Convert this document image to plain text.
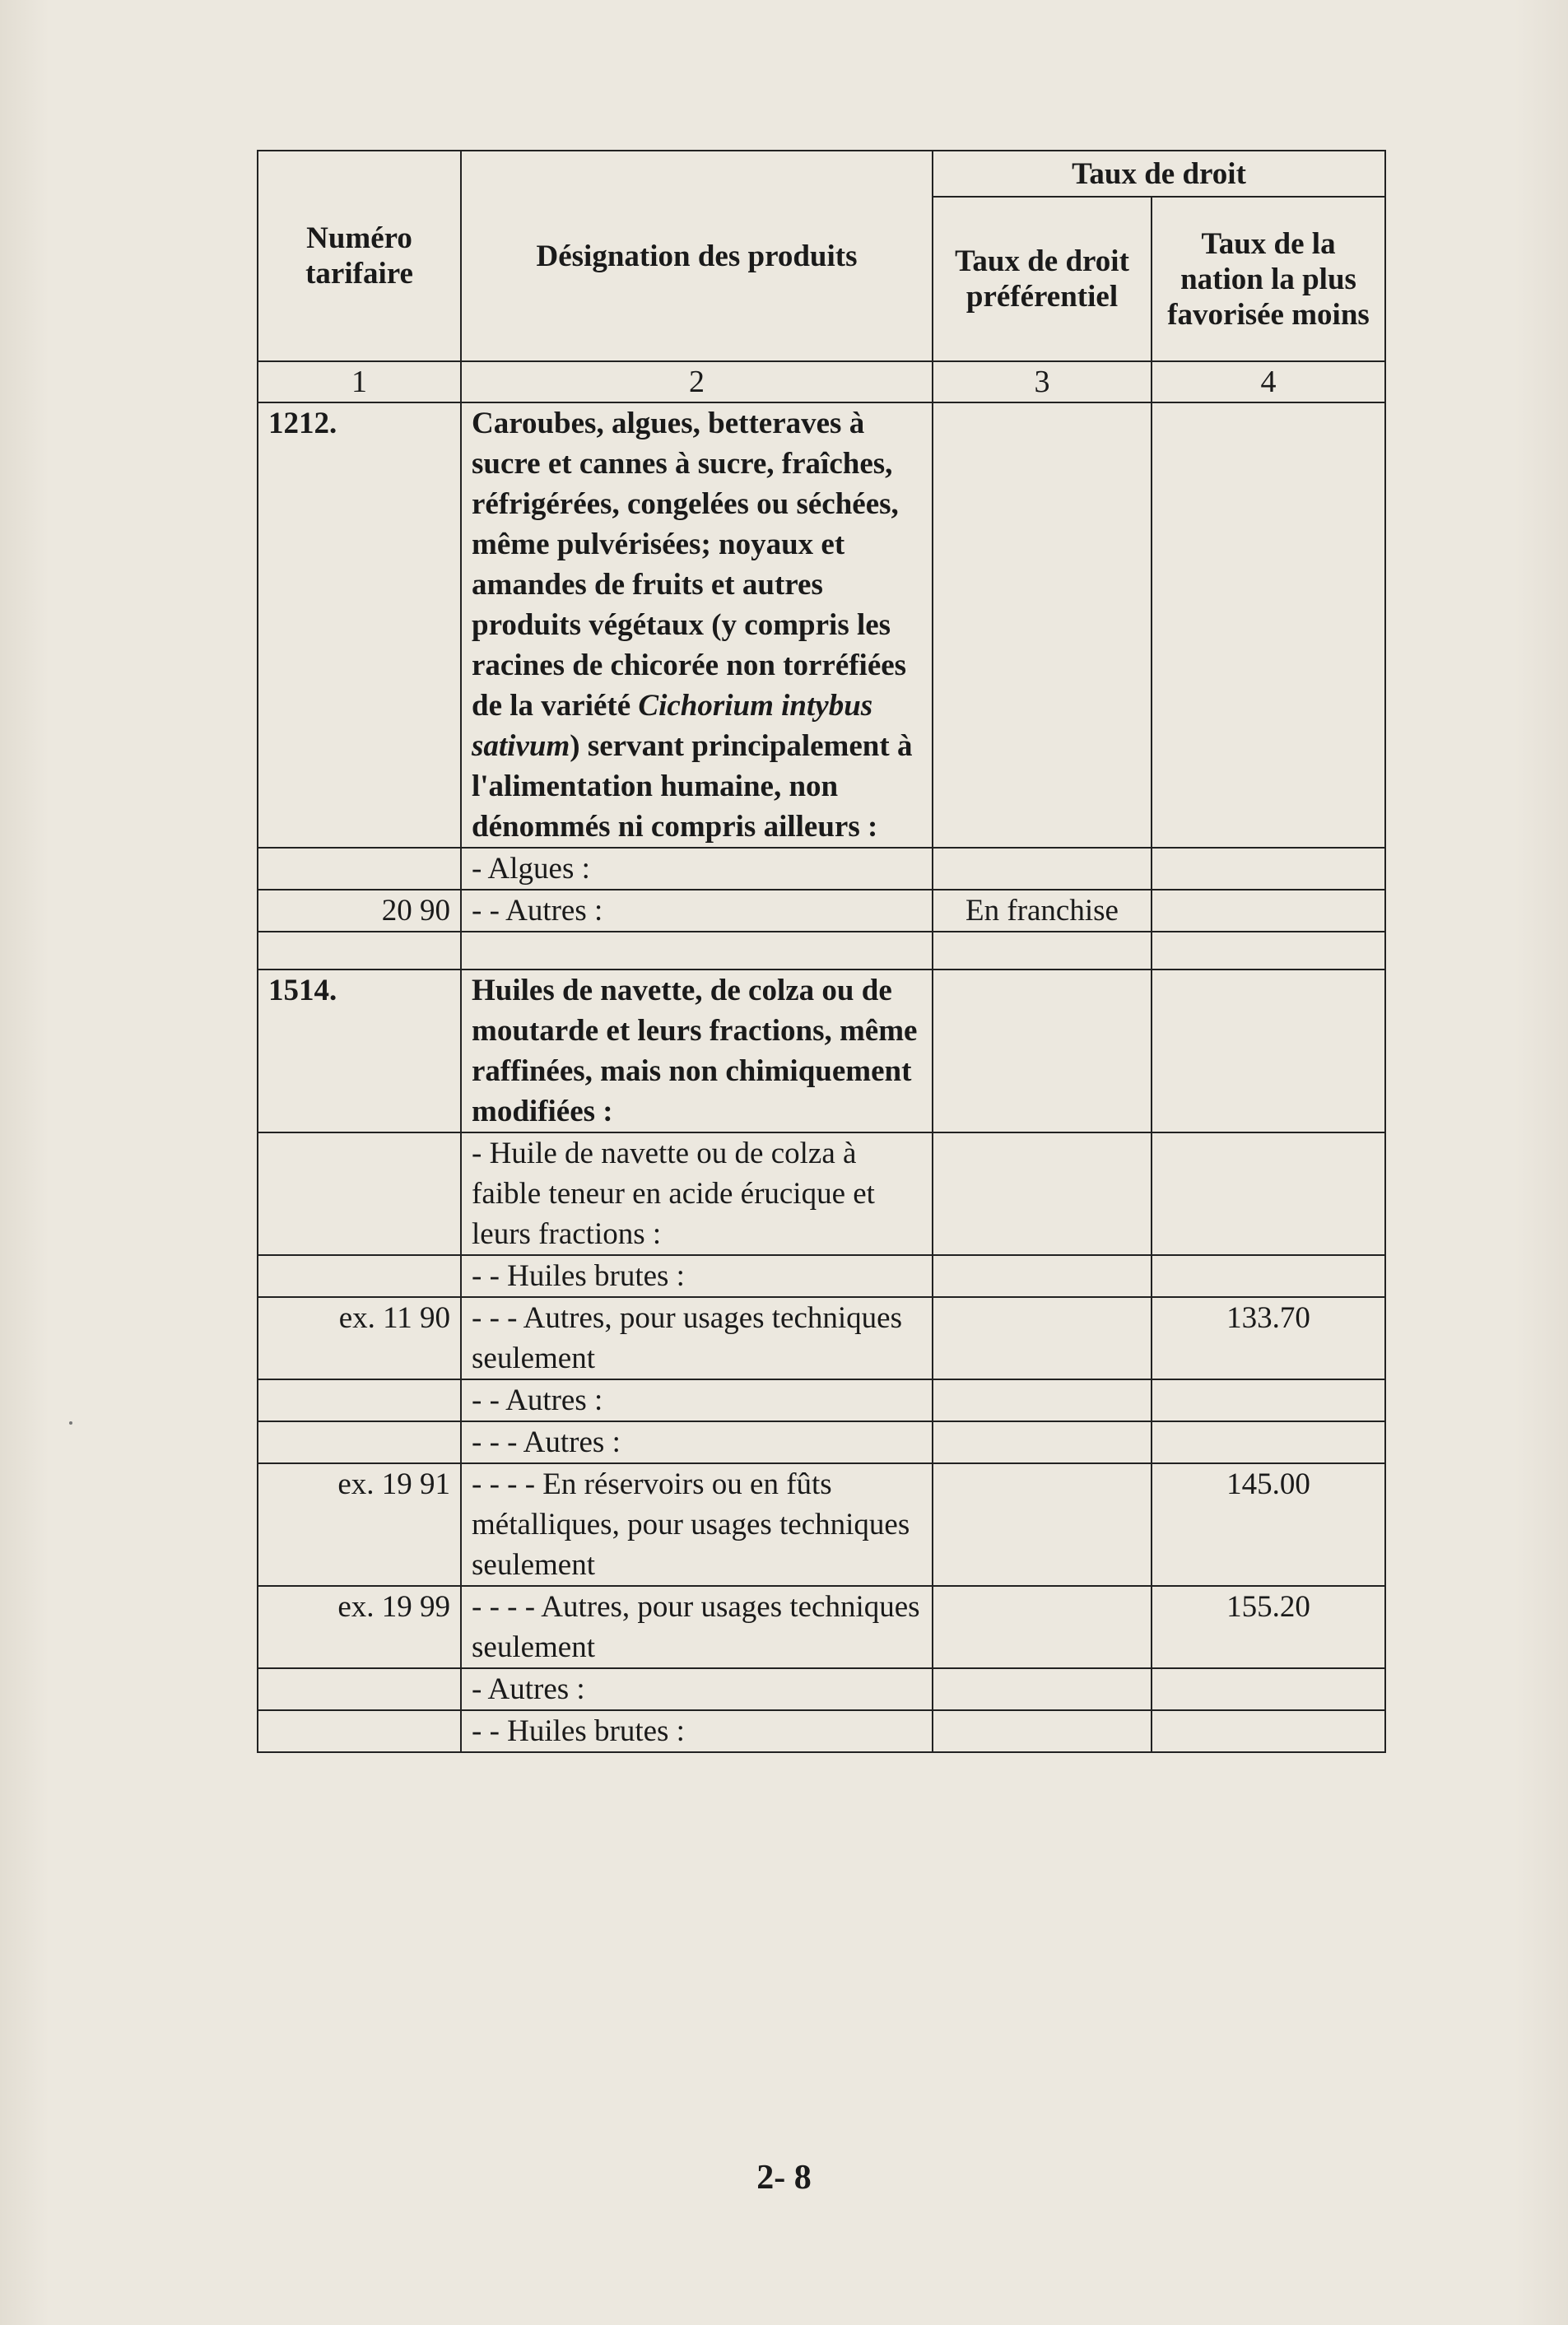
Numéro tarifaire	Désignation des produits	Taux de droit	
		Taux de droit préférentiel	Taux de la nation la plus favorisée moins
1	2	3	4
1212.	Caroubes, algues, betteraves à sucre et cannes à sucre, fraîches, réfrigérées, congelées ou séchées, même pulvérisées; noyaux et amandes de fruits et autres produits végétaux (y compris les racines de chicorée non torréfiées de la variété Cichorium intybus sativum) servant principalement à l'alimentation humaine, non dénommés ni compris ailleurs :		
	- Algues :		
20 90	- - Autres :	En franchise	

1514.	Huiles de navette, de colza ou de moutarde et leurs fractions, même raffinées, mais non chimiquement modifiées :		
	- Huile de navette ou de colza à faible teneur en acide érucique et leurs fractions :		
	- - Huiles brutes :		
ex. 11 90	- - - Autres, pour usages techniques seulement		133.70
	- - Autres :		
	- - - Autres :		
ex. 19 91	- - - - En réservoirs ou en fûts métalliques, pour usages techniques seulement		145.00
ex. 19 99	- - - - Autres, pour usages techniques seulement		155.20
	- Autres :		
	- - Huiles brutes :		
2- 8
